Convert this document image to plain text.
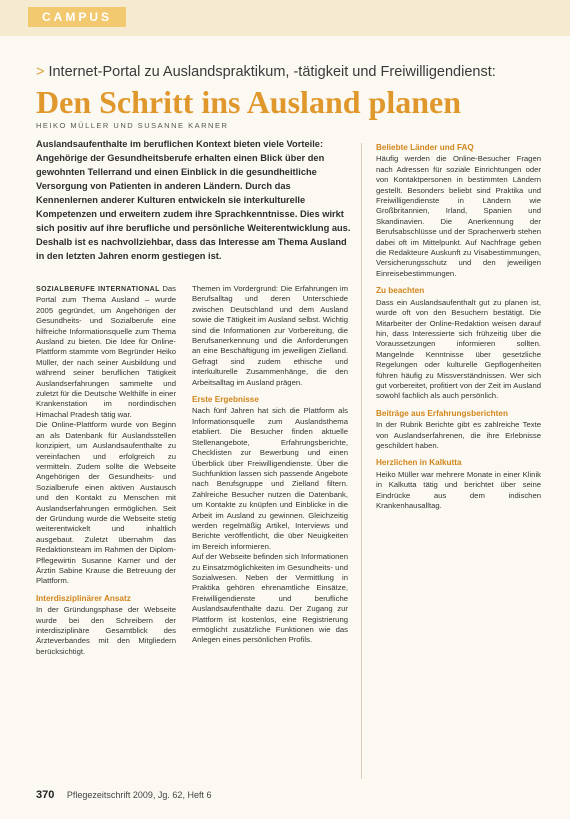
CAMPUS
> Internet-Portal zu Auslandspraktikum, -tätigkeit und Freiwilligendienst:
Den Schritt ins Ausland planen
HEIKO MÜLLER UND SUSANNE KARNER

Auslandsaufenthalte im beruflichen Kontext bieten viele Vorteile: Angehörige der Gesundheitsberufe erhalten einen Blick über den gewohnten Tellerrand und einen Einblick in die gesundheitliche Versorgung von Patienten in anderen Ländern. Durch das Kennenlernen anderer Kulturen entwickeln sie interkulturelle Kompetenzen und erweitern zudem ihre Sprachkenntnisse. Dies wirkt sich positiv auf ihre berufliche und persönliche Weiterentwicklung aus. Deshalb ist es nachvollziehbar, dass das Interesse am Thema Ausland in den letzten Jahren enorm gestiegen ist.

SOZIALBERUFE INTERNATIONAL Das Portal zum Thema Ausland – wurde 2005 gegründet, um Angehörigen der Gesundheits- und Sozialberufe eine hilfreiche Informationsquelle zum Thema Ausland zu bieten. Die Idee für Online-Plattform stammte vom Begründer Heiko Müller, der nach seiner Ausbildung und während seiner beruflichen Tätigkeit Auslandserfahrungen sammelte und zuletzt für die Deutsche Welthilfe in einer Krankenstation im nordindischen Himachal Pradesh tätig war.

Die Online-Plattform wurde von Beginn an als Datenbank für Auslandsstellen konzipiert, um Auslandsaufenthalte zu vereinfachen und erfolgreich zu vermitteln. Zudem sollte die Webseite Angehörigen der Gesundheits- und Sozialberufe einen aktiven Austausch und den Kontakt zu Menschen mit Auslandserfahrungen ermöglichen. Seit der Gründung wurde die Webseite stetig weiterentwickelt und inhaltlich ausgebaut. Zuletzt übernahm das Redaktionsteam im Rahmen der Diplom-Pflegewirtin Susanne Karner und der Ärztin Sabine Krause die Betreuung der Plattform.

Interdisziplinärer Ansatz

In der Gründungsphase der Webseite wurde bei den Schreibern der interdisziplinäre Gesamtblick des Ärzteverbandes mit den Mitgliedern berücksichtigt.

Themen im Vordergrund: Die Erfahrungen im Berufsalltag und deren Unterschiede zwischen Deutschland und dem Ausland sowie die Tätigkeit im Ausland selbst. Wichtig sind die Informationen zur Vorbereitung, die Berufsanerkennung und die Anforderungen an eine Beschäftigung im jeweiligen Zielland. Gefragt sind zudem ethische und interkulturelle Zusammenhänge, die den Arbeitsalltag im Ausland prägen.

Erste Ergebnisse

Nach fünf Jahren hat sich die Plattform als Informationsquelle zum Auslandsthema etabliert. Die Besucher finden aktuelle Stellenangebote, Erfahrungsberichte, Checklisten zur Bewerbung und einen Überblick über Freiwilligendienste. Über die Suchfunktion lassen sich passende Angebote nach Berufsgruppe und Zielland filtern. Zahlreiche Besucher nutzen die Datenbank, um Kontakte zu knüpfen und Einblicke in die Arbeit im Ausland zu gewinnen. Gleichzeitig werden regelmäßig Artikel, Interviews und Berichte veröffentlicht, die über Neuigkeiten im Bereich informieren.

Auf der Webseite befinden sich Informationen zu Einsatzmöglichkeiten im Gesundheits- und Sozialwesen. Neben der Vermittlung in Praktika gehören ehrenamtliche Einsätze, Freiwilligendienste und berufliche Auslandsaufenthalte dazu. Der Zugang zur Plattform ist kostenlos, eine Registrierung ermöglicht zusätzliche Funktionen wie das Anlegen eines persönlichen Profils.

Beliebte Länder und FAQ

Häufig werden die Online-Besucher Fragen nach Adressen für soziale Einrichtungen oder von Kontaktpersonen in bestimmten Ländern gestellt. Besonders beliebt sind Praktika und Freiwilligendienste in Ländern wie Großbritannien, Irland, Spanien und Skandinavien. Die Anerkennung der Berufsabschlüsse und der Spracherwerb stehen dabei oft im Mittelpunkt. Auf Nachfrage geben die Redakteure Auskunft zu Visabestimmungen, Versicherungsschutz und den jeweiligen Einreisebestimmungen.

Zu beachten

Dass ein Auslandsaufenthalt gut zu planen ist, wurde oft von den Besuchern bestätigt. Die Mitarbeiter der Online-Redaktion weisen darauf hin, dass Interessierte sich frühzeitig über die Voraussetzungen informieren sollten. Mangelnde Kenntnisse über gesetzliche Regelungen oder kulturelle Gepflogenheiten führen häufig zu Missverständnissen. Wer sich gut vorbereitet, profitiert von der Zeit im Ausland sowohl fachlich als auch persönlich.

Beiträge aus Erfahrungsberichten

In der Rubrik Berichte gibt es zahlreiche Texte von Auslandserfahrenen, die ihre Erlebnisse geschildert haben.

Herzlichen in Kalkutta

Heiko Müller war mehrere Monate in einer Klinik in Kalkutta tätig und berichtet über seine Eindrücke aus dem indischen Krankenhausalltag.

370 Pflegezeitschrift 2009, Jg. 62, Heft 6
